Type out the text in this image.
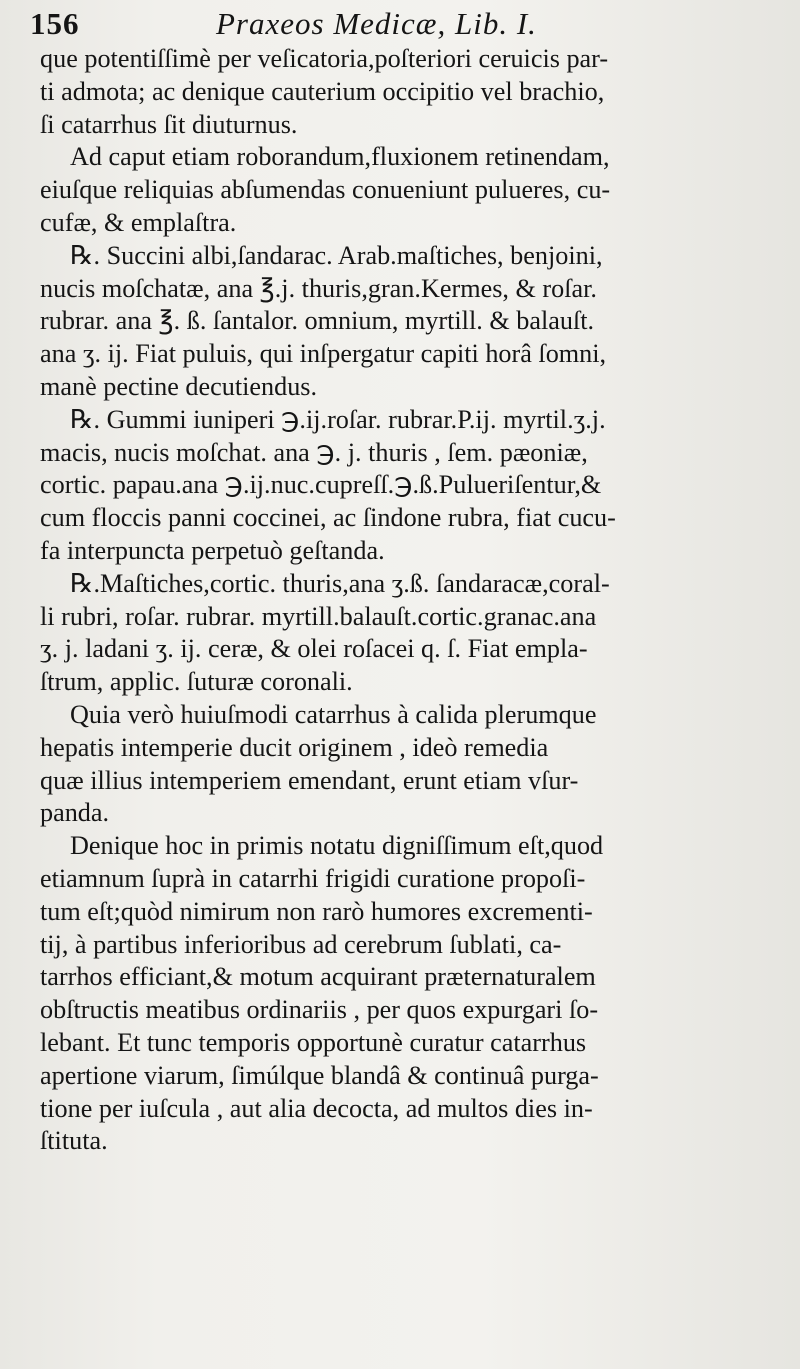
156	Praxeos Medicæ, Lib. I.
que potentiſſimè per veſicatoria,poſteriori ceruicis par-
ti admota; ac denique cauterium occipitio vel brachio,
ſi catarrhus ſit diuturnus.
Ad caput etiam roborandum,fluxionem retinendam,
eiuſque reliquias abſumendas conueniunt pulueres, cu-
cufæ, & emplaſtra.
℞. Succini albi,ſandarac. Arab.maſtiches, benjoini,
nucis moſchatæ, ana ℥.j. thuris,gran.Kermes, & roſar.
rubrar. ana ℥. ß. ſantalor. omnium, myrtill. & balauſt.
ana ʒ. ij. Fiat puluis, qui inſpergatur capiti horâ ſomni,
manè pectine decutiendus.
℞. Gummi iuniperi ℈.ij.roſar. rubrar.P.ij. myrtil.ʒ.j.
macis, nucis moſchat. ana ℈. j. thuris , ſem. pæoniæ,
cortic. papau.ana ℈.ij.nuc.cupreſſ.℈.ß.Pulueriſentur,&
cum floccis panni coccinei, ac ſindone rubra, fiat cucu-
fa interpuncta perpetuò geſtanda.
℞.Maſtiches,cortic. thuris,ana ʒ.ß. ſandaracæ,coral-
li rubri, roſar. rubrar. myrtill.balauſt.cortic.granac.ana
ʒ. j. ladani ʒ. ij. ceræ, & olei roſacei q. ſ. Fiat empla-
ſtrum, applic. ſuturæ coronali.
Quia verò huiuſmodi catarrhus à calida plerumque
hepatis intemperie ducit originem , ideò remedia
quæ illius intemperiem emendant, erunt etiam vſur-
panda.
Denique hoc in primis notatu digniſſimum eſt,quod
etiamnum ſuprà in catarrhi frigidi curatione propoſi-
tum eſt;quòd nimirum non rarò humores excrementi-
tij, à partibus inferioribus ad cerebrum ſublati, ca-
tarrhos efficiant,& motum acquirant præternaturalem
obſtructis meatibus ordinariis , per quos expurgari ſo-
lebant. Et tunc temporis opportunè curatur catarrhus
apertione viarum, ſimúlque blandâ & continuâ purga-
tione per iuſcula , aut alia decocta, ad multos dies in-
ſtituta.
